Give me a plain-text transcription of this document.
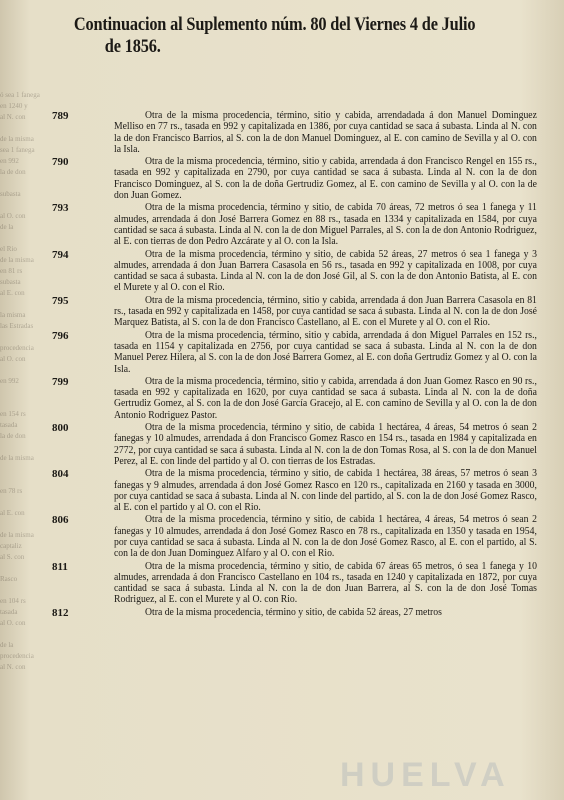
Continuacion al Suplemento núm. 80 del Viernes 4 de Julio
de 1856.
ó sea 1 fanega
en 1240 y
al N. con

de la misma
sea 1 fanega
en 992
la de don

subasta

al O. con
de la

el Rio
de la misma
en 81 rs
subasta
al E. con

la misma
las Estradas

procedencia
al O. con

en 992

en 154 rs
tasada
la de don

de la misma

en 78 rs

al E. con

de la misma
captaliz
al S. con

Rasco

en 104 rs
tasada
al O. con

de la
procedencia
al N. con
789	Otra de la misma procedencia, término, sitio y cabida, arrendadada á don Manuel Dominguez Melliso en 77 rs., tasada en 992 y capitalizada en 1386, por cuya cantidad se saca á subasta. Linda al N. con la de don Francisco Barrios, al S. con la de don Manuel Dominguez, al E. con camino de Sevilla y al O. con la Isla.
790	Otra de la misma procedencia, término, sitio y cabida, arrendada á don Francisco Rengel en 155 rs., tasada en 992 y capitalizada en 2790, por cuya cantidad se saca á subasta. Linda al N. con la de don Francisco Dominguez, al S. con la de doña Gertrudiz Gomez, al E. con camino de Sevilla y al O. con la de don Juan Gomez.
793	Otra de la misma procedencia, término y sitio, de cabida 70 áreas, 72 metros ó sea 1 fanega y 11 almudes, arrendada á don José Barrera Gomez en 88 rs., tasada en 1334 y capitalizada en 1584, por cuya cantidad se saca á subasta. Linda al N. con la de don Miguel Parrales, al S. con la de don Antonio Rodriguez, al E. con tierras de don Pedro Azcárate y al O. con la Isla.
794	Otra de la misma procedencia, término y sitio, de cabida 52 áreas, 27 metros ó sea 1 fanega y 3 almudes, arrendada á don Juan Barrera Casasola en 56 rs., tasada en 992 y capitalizada en 1008, por cuya cantidad se saca á subasta. Linda al N. con la de don José Gil, al S. con la de don Antonio Batista, al E. con el Murete y al O. con el Rio.
795	Otra de la misma procedencia, término, sitio y cabida, arrendada á don Juan Barrera Casasola en 81 rs., tasada en 992 y capitalizada en 1458, por cuya cantidad se saca á subasta. Linda al N. con la de don José Marquez Batista, al S. con la de don Francisco Castellano, al E. con el Murete y al O. con el Rio.
796	Otra de la misma procedencia, término, sitio y cabida, arrendada á don Miguel Parrales en 152 rs., tasada en 1154 y capitalizada en 2756, por cuya cantidad se saca á subasta. Linda al N. con la de don Manuel Perez Hilera, al S. con la de don José Barrera Gomez, al E. con doña Gertrudiz Gomez y al O. con la Isla.
799	Otra de la misma procedencia, término, sitio y cabida, arrendada á don Juan Gomez Rasco en 90 rs., tasada en 992 y capitalizada en 1620, por cuya cantidad se saca á subasta. Linda al N. con la de doña Gertrudiz Gomez, al S. con la de don José García Gracejo, al E. con camino de Sevilla y al O. con la de don Antonio Rodriguez Pastor.
800	Otra de la misma procedencia, término y sitio, de cabida 1 hectárea, 4 áreas, 54 metros ó sean 2 fanegas y 10 almudes, arrendada á don Francisco Gomez Rasco en 154 rs., tasada en 1984 y capitalizada en 2772, por cuya cantidad se saca á subasta. Linda al N. con la de don Tomas Rosa, al S. con la de don Manuel Perez, al E. con linde del partido y al O. con tierras de los Estradas.
804	Otra de la misma procedencia, término y sitio, de cabida 1 hectárea, 38 áreas, 57 metros ó sean 3 fanegas y 9 almudes, arrendada á don José Gomez Rasco en 120 rs., capitalizada en 2160 y tasada en 3000, por cuya cantidad se saca á subasta. Linda al N. con linde del partido, al S. con la de don José Gomez Rasco, al E. con el partido y al O. con el Rio.
806	Otra de la misma procedencia, término y sitio, de cabida 1 hectárea, 4 áreas, 54 metros ó sean 2 fanegas y 10 almudes, arrendada á don José Gomez Rasco en 78 rs., capitalizada en 1350 y tasada en 1954, por cuya cantidad se saca á subasta. Linda al N. con la de don José Gomez Rasco, al E. con el partido, al S. con la de don Juan Dominguez Alfaro y al O. con el Rio.
811	Otra de la misma procedencia, término y sitio, de cabida 67 áreas 65 metros, ó sea 1 fanega y 10 almudes, arrendada á don Francisco Castellano en 104 rs., tasada en 1240 y capitalizada en 1872, por cuya cantidad se saca á subasta. Linda al N. con la de don Juan Barrera, al S. con la de don José Tomas Rodriguez, al E. con el Murete y al O. con Rio.
812	Otra de la misma procedencia, término y sitio, de cabida 52 áreas, 27 metros
HUELVA
